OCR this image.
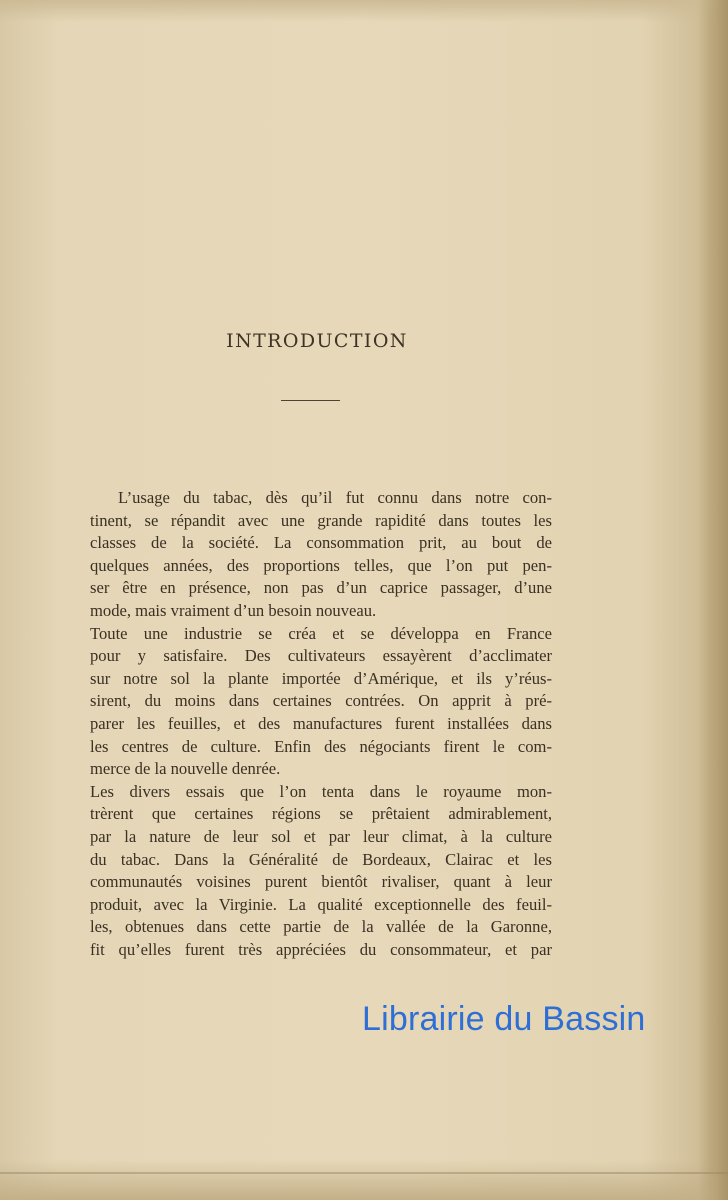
INTRODUCTION
L’usage du tabac, dès qu’il fut connu dans notre con-
tinent, se répandit avec une grande rapidité dans toutes les
classes de la société. La consommation prit, au bout de
quelques années, des proportions telles, que l’on put pen-
ser être en présence, non pas d’un caprice passager, d’une
mode, mais vraiment d’un besoin nouveau.
Toute une industrie se créa et se développa en France
pour y satisfaire. Des cultivateurs essayèrent d’acclimater
sur notre sol la plante importée d’Amérique, et ils y’réus-
sirent, du moins dans certaines contrées. On apprit à pré-
parer les feuilles, et des manufactures furent installées dans
les centres de culture. Enfin des négociants firent le com-
merce de la nouvelle denrée.
Les divers essais que l’on tenta dans le royaume mon-
trèrent que certaines régions se prêtaient admirablement,
par la nature de leur sol et par leur climat, à la culture
du tabac. Dans la Généralité de Bordeaux, Clairac et les
communautés voisines purent bientôt rivaliser, quant à leur
produit, avec la Virginie. La qualité exceptionnelle des feuil-
les, obtenues dans cette partie de la vallée de la Garonne,
fit qu’elles furent très appréciées du consommateur, et par
Librairie du Bassin
